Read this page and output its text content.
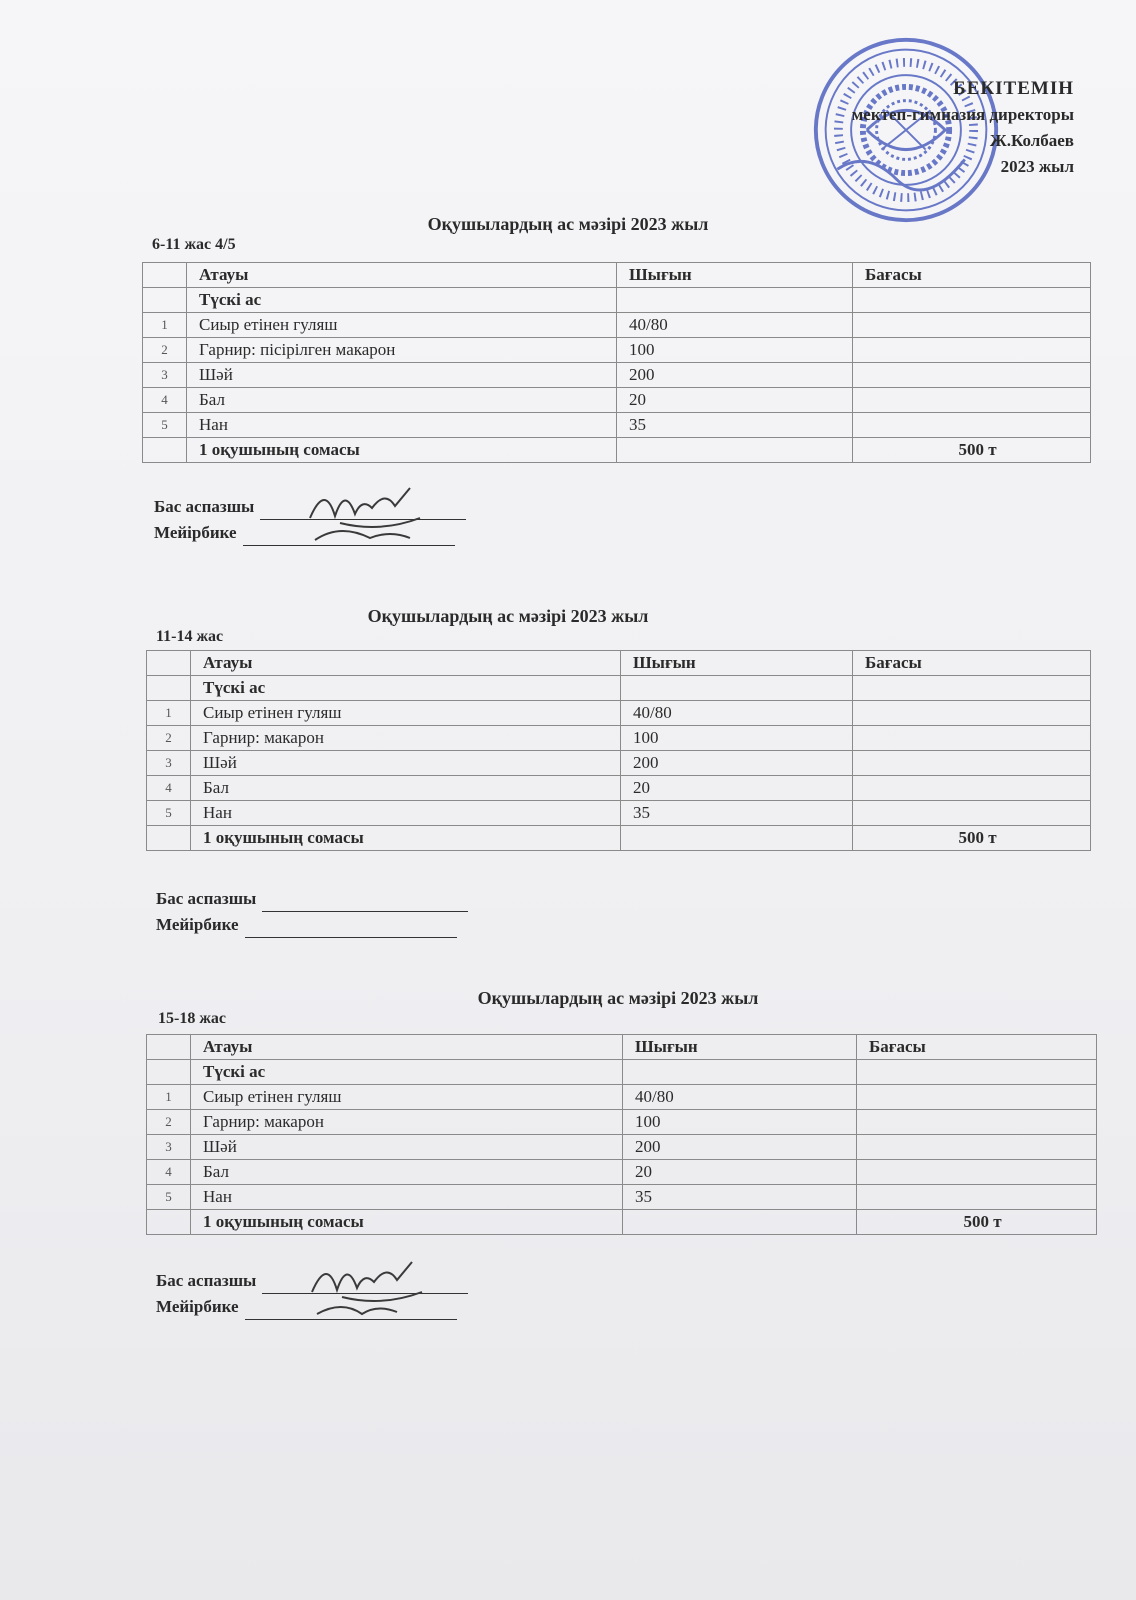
БЕКІТЕМІН
мектеп-гимназия директоры
Ж.Колбаев
2023 жыл
Оқушылардың ас мәзірі 2023 жыл
6-11 жас 4/5
	Атауы	Шығын	Бағасы
	Түскі ас		
1	Сиыр етінен гуляш	40/80	
2	Гарнир: пісірілген макарон	100	
3	Шәй	200	
4	Бал	20	
5	Нан	35	
	1 оқушының сомасы		500 т
Бас аспазшы
Мейірбике
Оқушылардың ас мәзірі 2023 жыл
11-14 жас
	Атауы	Шығын	Бағасы
	Түскі ас		
1	Сиыр етінен гуляш	40/80	
2	Гарнир: макарон	100	
3	Шәй	200	
4	Бал	20	
5	Нан	35	
	1 оқушының сомасы		500 т
Бас аспазшы
Мейірбике
Оқушылардың ас мәзірі 2023 жыл
15-18 жас
	Атауы	Шығын	Бағасы
	Түскі ас		
1	Сиыр етінен гуляш	40/80	
2	Гарнир: макарон	100	
3	Шәй	200	
4	Бал	20	
5	Нан	35	
	1 оқушының сомасы		500 т
Бас аспазшы
Мейірбике
